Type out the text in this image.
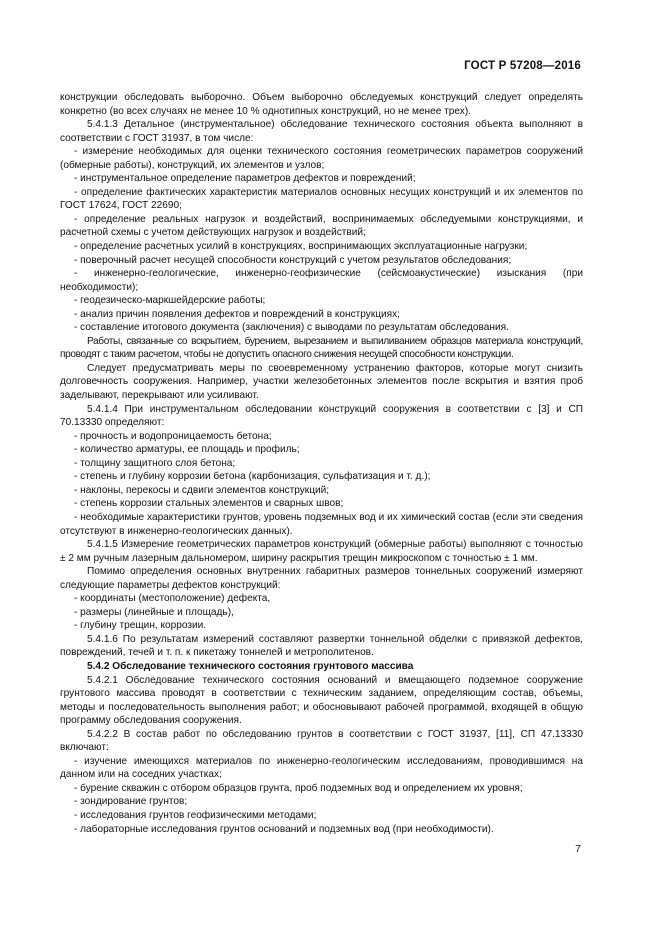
ГОСТ Р 57208—2016

конструкции обследовать выборочно. Объем выборочно обследуемых конструкций следует определять конкретно (во всех случаях не менее 10 % однотипных конструкций, но не менее трех).

5.4.1.3 Детальное (инструментальное) обследование технического состояния объекта выполняют в соответствии с ГОСТ 31937, в том числе:

- измерение необходимых для оценки технического состояния геометрических параметров сооружений (обмерные работы), конструкций, их элементов и узлов;

- инструментальное определение параметров дефектов и повреждений;

- определение фактических характеристик материалов основных несущих конструкций и их элементов по ГОСТ 17624, ГОСТ 22690;

- определение реальных нагрузок и воздействий, воспринимаемых обследуемыми конструкциями, и расчетной схемы с учетом действующих нагрузок и воздействий;

- определение расчетных усилий в конструкциях, воспринимающих эксплуатационные нагрузки;

- поверочный расчет несущей способности конструкций с учетом результатов обследования;

- инженерно-геологические, инженерно-геофизические (сейсмоакустические) изыскания (при необходимости);

- геодезическо-маркшейдерские работы;

- анализ причин появления дефектов и повреждений в конструкциях;

- составление итогового документа (заключения) с выводами по результатам обследования.

Работы, связанные со вскрытием, бурением, вырезанием и выпиливанием образцов материала конструкций, проводят с таким расчетом, чтобы не допустить опасного снижения несущей способности конструкции.

Следует предусматривать меры по своевременному устранению факторов, которые могут снизить долговечность сооружения. Например, участки железобетонных элементов после вскрытия и взятия проб заделывают, перекрывают или усиливают.

5.4.1.4 При инструментальном обследовании конструкций сооружения в соответствии с [3] и СП 70.13330 определяют:

- прочность и водопроницаемость бетона;

- количество арматуры, ее площадь и профиль;

- толщину защитного слоя бетона;

- степень и глубину коррозии бетона (карбонизация, сульфатизация и т. д.);

- наклоны, перекосы и сдвиги элементов конструкций;

- степень коррозии стальных элементов и сварных швов;

- необходимые характеристики грунтов, уровень подземных вод и их химический состав (если эти сведения отсутствуют в инженерно-геологических данных).

5.4.1.5 Измерение геометрических параметров конструкций (обмерные работы) выполняют с точностью ± 2 мм ручным лазерным дальномером, ширину раскрытия трещин микроскопом с точностью ± 1 мм.

Помимо определения основных внутренних габаритных размеров тоннельных сооружений измеряют следующие параметры дефектов конструкций:

- координаты (местоположение) дефекта,

- размеры (линейные и площадь),

- глубину трещин, коррозии.

5.4.1.6 По результатам измерений составляют развертки тоннельной обделки с привязкой дефектов, повреждений, течей и т. п. к пикетажу тоннелей и метрополитенов.

5.4.2 Обследование технического состояния грунтового массива

5.4.2.1 Обследование технического состояния оснований и вмещающего подземное сооружение грунтового массива проводят в соответствии с техническим заданием, определяющим состав, объемы, методы и последовательность выполнения работ; и обосновывают рабочей программой, входящей в общую программу обследования сооружения.

5.4.2.2 В состав работ по обследованию грунтов в соответствии с ГОСТ 31937, [11], СП 47.13330 включают:

- изучение имеющихся материалов по инженерно-геологическим исследованиям, проводившимся на данном или на соседних участках;

- бурение скважин с отбором образцов грунта, проб подземных вод и определением их уровня;

- зондирование грунтов;

- исследования грунтов геофизическими методами;

- лабораторные исследования грунтов оснований и подземных вод (при необходимости).

7
